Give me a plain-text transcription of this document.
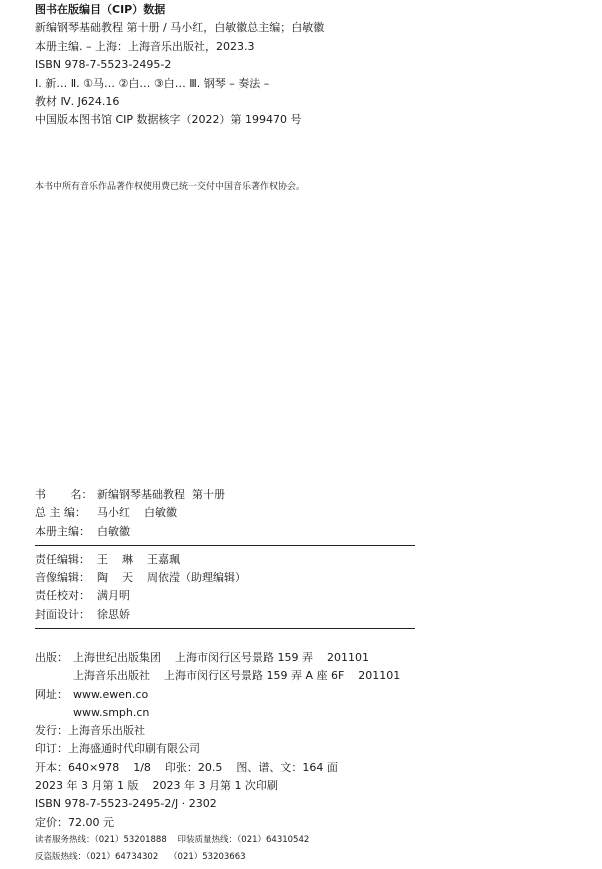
图书在版编目（CIP）数据
新编钢琴基础教程 第十册 / 马小红，白敏徽总主编；白敏徽
本册主编. – 上海：上海音乐出版社，2023.3
ISBN 978-7-5523-2495-2
Ⅰ. 新… Ⅱ. ①马… ②白… ③白… Ⅲ. 钢琴 – 奏法 –
教材 Ⅳ. J624.16
中国版本图书馆 CIP 数据核字（2022）第 199470 号
本书中所有音乐作品著作权使用费已统一交付中国音乐著作权协会。
书       名： 新编钢琴基础教程  第十册
总 主 编： 马小红    白敏徽
本册主编： 白敏徽
责任编辑： 王    琳    王嘉珮
音像编辑： 陶    天    周依滢（助理编辑）
责任校对： 满月明
封面设计： 徐思娇
出版： 上海世纪出版集团    上海市闵行区号景路 159 弄    201101
上海音乐出版社    上海市闵行区号景路 159 弄 A 座 6F    201101
网址： www.ewen.co
www.smph.cn
发行：上海音乐出版社
印订：上海盛通时代印刷有限公司
开本：640×978    1/8    印张：20.5    图、谱、文：164 面
2023 年 3 月第 1 版    2023 年 3 月第 1 次印刷
ISBN 978-7-5523-2495-2/J · 2302
定价：72.00 元
读者服务热线：（021）53201888    印装质量热线：（021）64310542
反盗版热线：（021）64734302    （021）53203663
